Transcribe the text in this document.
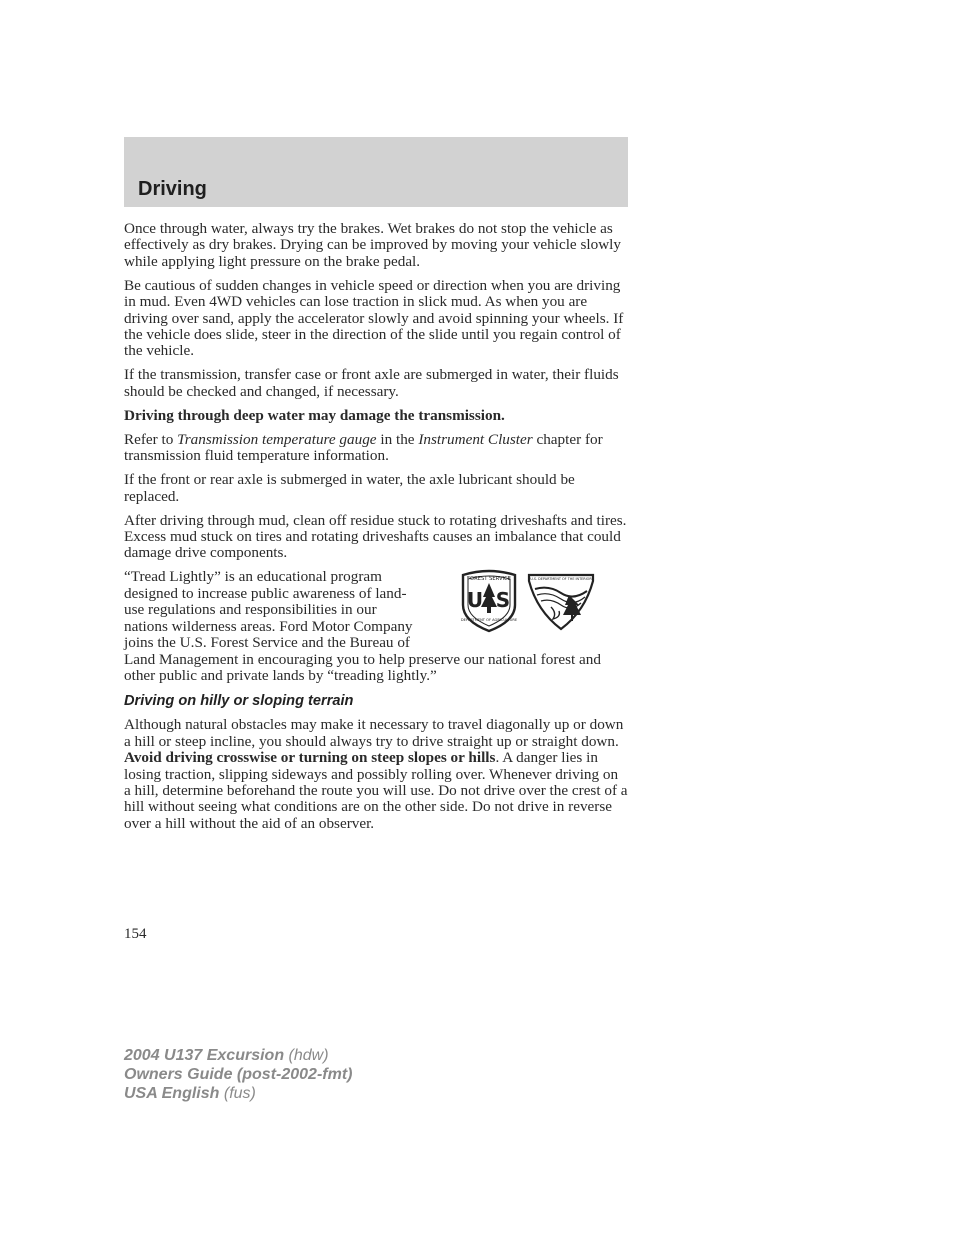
Driving

Once through water, always try the brakes. Wet brakes do not stop the vehicle as effectively as dry brakes. Drying can be improved by moving your vehicle slowly while applying light pressure on the brake pedal.

Be cautious of sudden changes in vehicle speed or direction when you are driving in mud. Even 4WD vehicles can lose traction in slick mud. As when you are driving over sand, apply the accelerator slowly and avoid spinning your wheels. If the vehicle does slide, steer in the direction of the slide until you regain control of the vehicle.

If the transmission, transfer case or front axle are submerged in water, their fluids should be checked and changed, if necessary.

Driving through deep water may damage the transmission.

Refer to Transmission temperature gauge in the Instrument Cluster chapter for transmission fluid temperature information.

If the front or rear axle is submerged in water, the axle lubricant should be replaced.

After driving through mud, clean off residue stuck to rotating driveshafts and tires. Excess mud stuck on tires and rotating driveshafts causes an imbalance that could damage drive components.

FOREST SERVICE
U S
DEPARTMENT OF AGRICULTURE
U.S. DEPARTMENT OF THE INTERIOR

“Tread Lightly” is an educational program designed to increase public awareness of land-use regulations and responsibilities in our nations wilderness areas. Ford Motor Company joins the U.S. Forest Service and the Bureau of Land Management in encouraging you to help preserve our national forest and other public and private lands by “treading lightly.”

Driving on hilly or sloping terrain

Although natural obstacles may make it necessary to travel diagonally up or down a hill or steep incline, you should always try to drive straight up or straight down. Avoid driving crosswise or turning on steep slopes or hills. A danger lies in losing traction, slipping sideways and possibly rolling over. Whenever driving on a hill, determine beforehand the route you will use. Do not drive over the crest of a hill without seeing what conditions are on the other side. Do not drive in reverse over a hill without the aid of an observer.

154

2004 U137 Excursion (hdw)
Owners Guide (post-2002-fmt)
USA English (fus)
